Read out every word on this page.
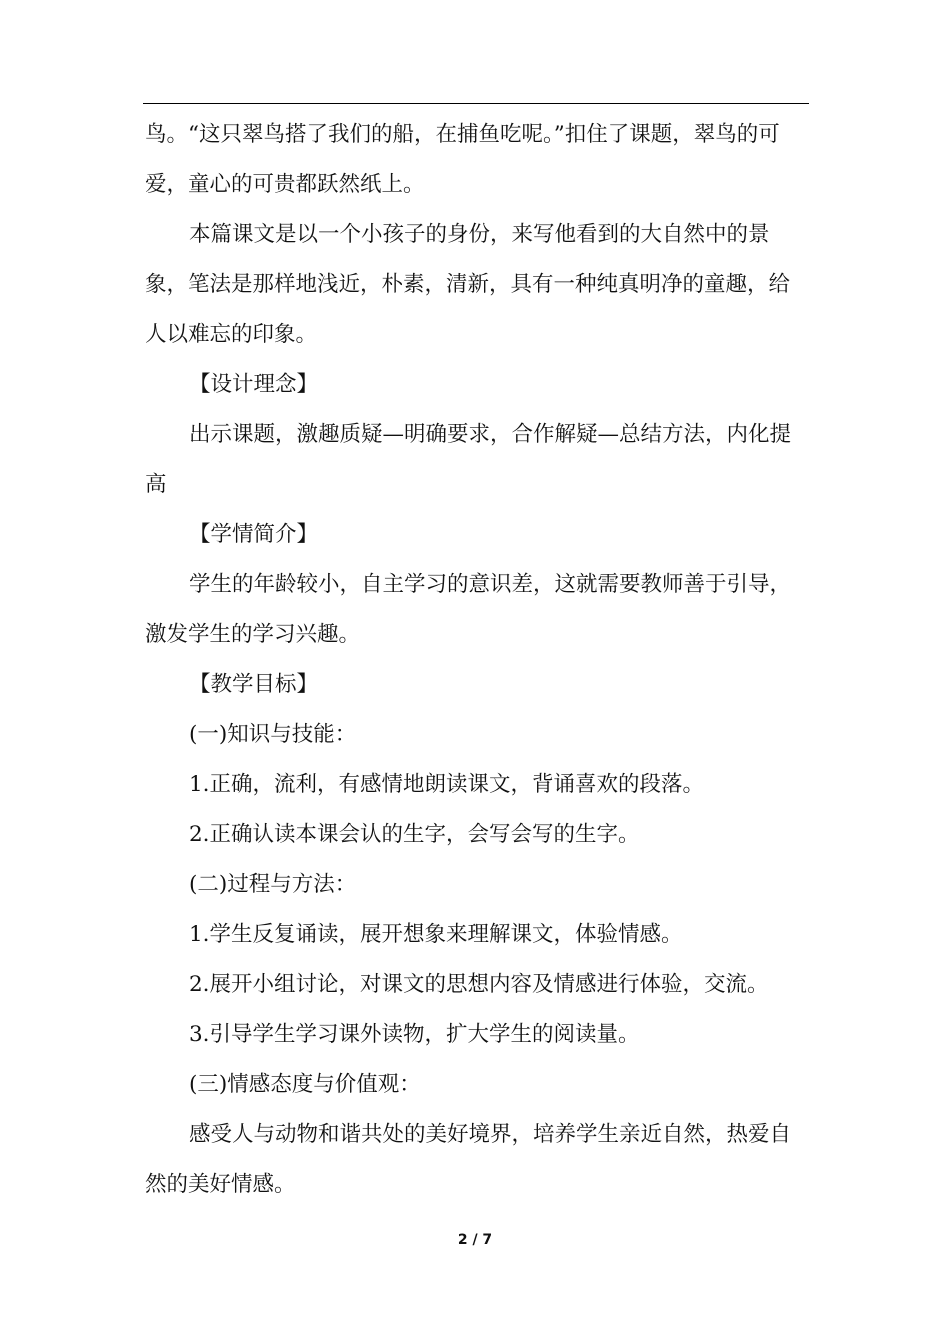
鸟。“这只翠鸟搭了我们的船，在捕鱼吃呢。”扣住了课题，翠鸟的可
爱，童心的可贵都跃然纸上。
本篇课文是以一个小孩子的身份，来写他看到的大自然中的景
象，笔法是那样地浅近，朴素，清新，具有一种纯真明净的童趣，给
人以难忘的印象。
【设计理念】
出示课题，激趣质疑—明确要求，合作解疑—总结方法，内化提
高
【学情简介】
学生的年龄较小，自主学习的意识差，这就需要教师善于引导，
激发学生的学习兴趣。
【教学目标】
(一)知识与技能：
1.正确，流利，有感情地朗读课文，背诵喜欢的段落。
2.正确认读本课会认的生字，会写会写的生字。
(二)过程与方法：
1.学生反复诵读，展开想象来理解课文，体验情感。
2.展开小组讨论，对课文的思想内容及情感进行体验，交流。
3.引导学生学习课外读物，扩大学生的阅读量。
(三)情感态度与价值观：
感受人与动物和谐共处的美好境界，培养学生亲近自然，热爱自
然的美好情感。
2 / 7
